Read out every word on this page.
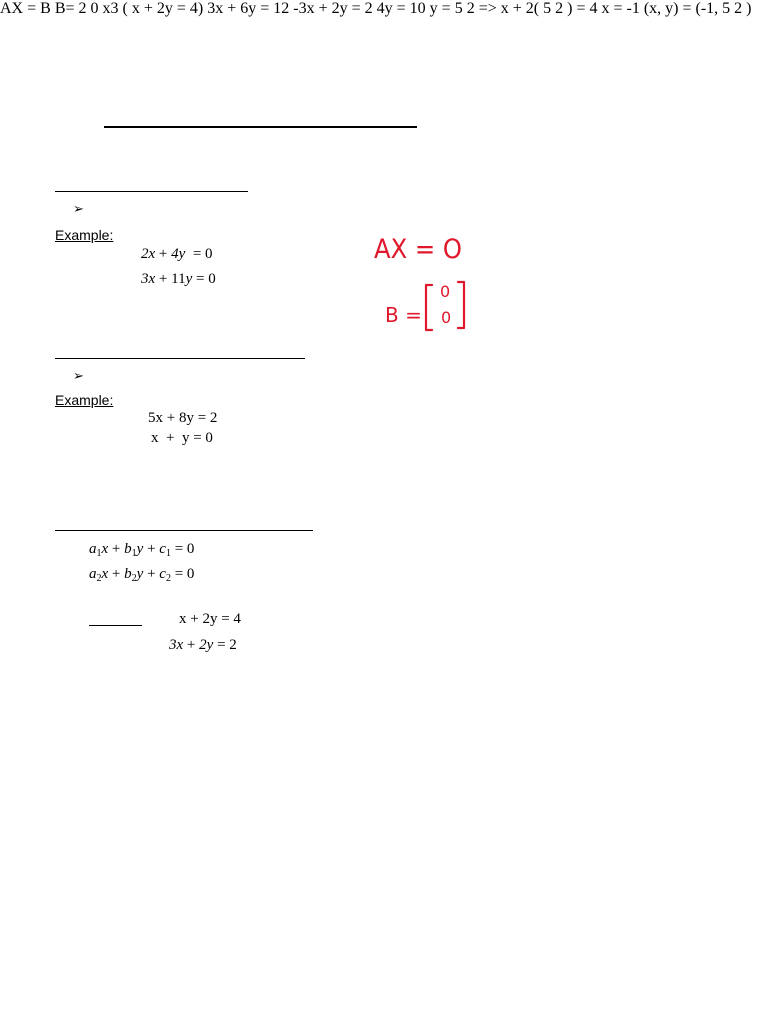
➢
Example:
2x + 4y  = 0
3x + 11y = 0
➢
Example:
5x + 8y = 2
x  +  y = 0
$a_1x + b_1y + c_1 = 0$
$a_2x + b_2y + c_2 = 0$
x + 2y = 4
3x + 2y = 2
AX = O
B =
0
0
AX = B B= 2 0 x3 ( x + 2y = 4) 3x + 6y = 12 -3x + 2y = 2 4y = 10 y = 5 2 => x + 2( 5 2 ) = 4 x = -1 (x, y) = (-1, 5 2 )
